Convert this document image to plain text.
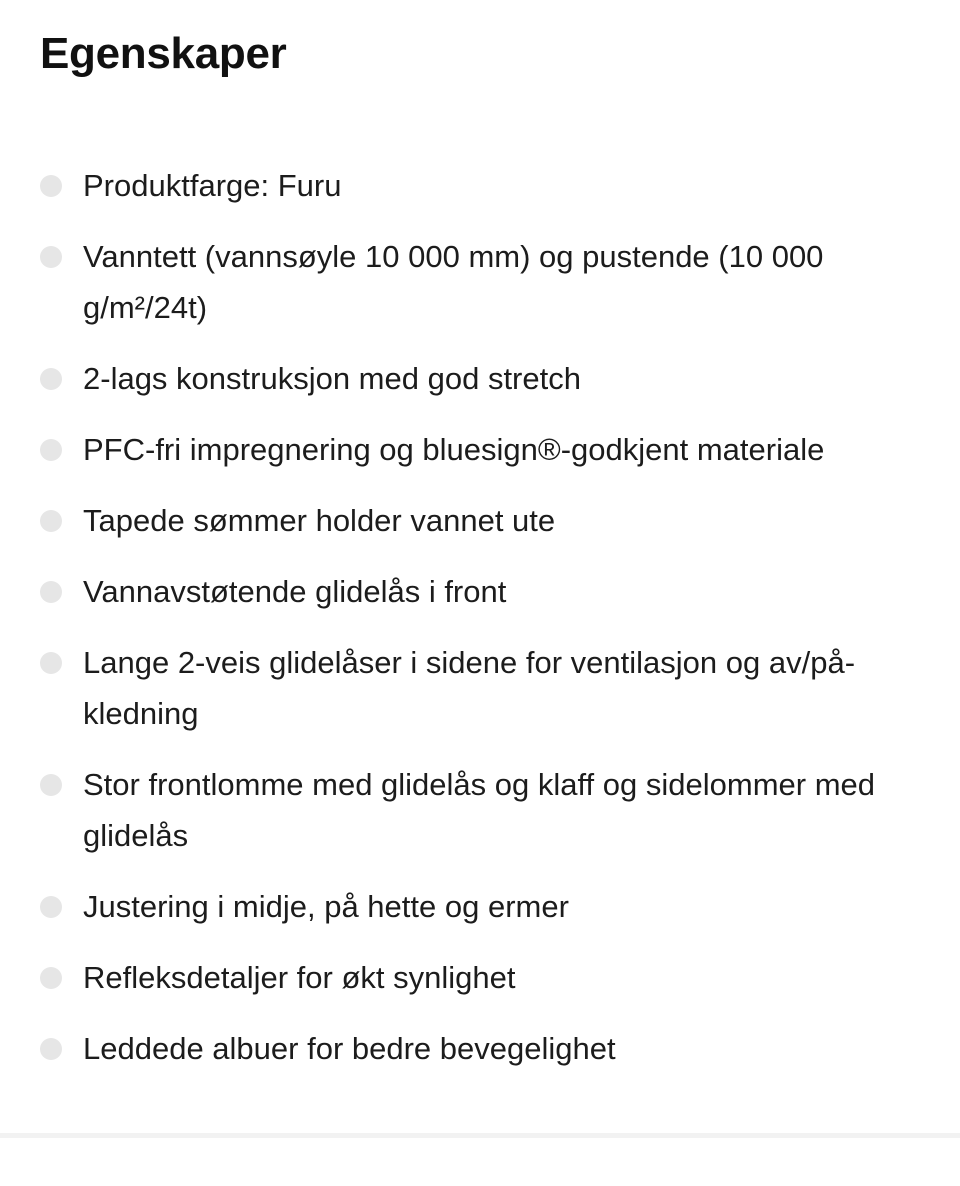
Egenskaper
Produktfarge: Furu
Vanntett (vannsøyle 10 000 mm) og pustende (10 000 g/m²/24t)
2-lags konstruksjon med god stretch
PFC-fri impregnering og bluesign®-godkjent materiale
Tapede sømmer holder vannet ute
Vannavstøtende glidelås i front
Lange 2-veis glidelåser i sidene for ventilasjon og av/på-kledning
Stor frontlomme med glidelås og klaff og sidelommer med glidelås
Justering i midje, på hette og ermer
Refleksdetaljer for økt synlighet
Leddede albuer for bedre bevegelighet
